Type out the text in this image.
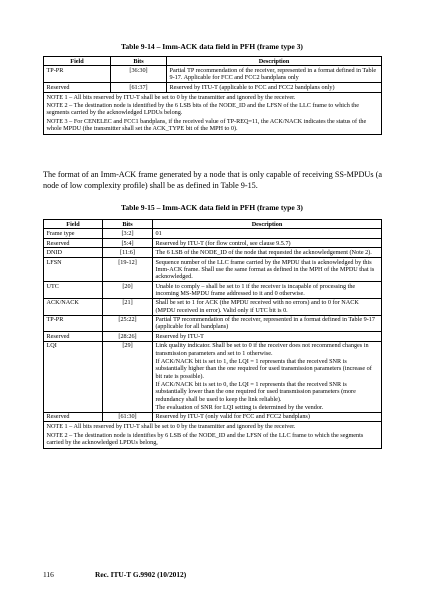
Table 9-14 – Imm-ACK data field in PFH (frame type 3)
Field	Bits	Description
TP-PR	[36:30]	Partial TP recommendation of the receiver, represented in a format defined in Table 9-17. Applicable for FCC and FCC2 bandplans only
Reserved	[61:37]	Reserved by ITU-T (applicable to FCC and FCC2 bandplans only)

NOTE 1 – All bits reserved by ITU-T shall be set to 0 by the transmitter and ignored by the receiver.
NOTE 2 – The destination node is identified by the 6 LSB bits of the NODE_ID and the LFSN of the LLC frame to which the segments carried by the acknowledged LPDUs belong.
NOTE 3 – For CENELEC and FCC1 bandplans, if the received value of TP-REQ=11, the ACK/NACK indicates the status of the whole MPDU (the transmitter shall set the ACK_TYPE bit of the MPH to 0).		
The format of an Imm-ACK frame generated by a node that is only capable of receiving SS-MPDUs (a node of low complexity profile) shall be as defined in Table 9-15.
Table 9-15 – Imm-ACK data field in PFH (frame type 3)
Field	Bits	Description
Frame type	[3:2]	01

Reserved	[5:4]	Reserved by ITU-T (for flow control, see clause 9.5.7)

DNID	[11:6]	The 6 LSB of the NODE_ID of the node that requested the acknowledgement (Note 2).

LFSN	[19-12]	Sequence number of the LLC frame carried by the MPDU that is acknowledged by this Imm-ACK frame. Shall use the same format as defined in the MPH of the MPDU that is acknowledged.

UTC	[20]	Unable to comply – shall be set to 1 if the receiver is incapable of processing the incoming MS-MPDU frame addressed to it and 0 otherwise.

ACK/NACK	[21]	Shall be set to 1 for ACK (the MPDU received with no errors) and to 0 for NACK (MPDU received in error). Valid only if UTC bit is 0.

TP-PR	[25:22]	Partial TP recommendation of the receiver, represented in a format defined in Table 9-17 (applicable for all bandplans)

Reserved	[28:26]	Reserved by ITU-T

LQI	[29]	Link quality indicator. Shall be set to 0 if the receiver does not recommend changes in transmission parameters and set to 1 otherwise.
If ACK/NACK bit is set to 1, the LQI = 1 represents that the received SNR is substantially higher than the one required for used transmission parameters (increase of bit rate is possible).
If ACK/NACK bit is set to 0, the LQI = 1 represents that the received SNR is substantially lower than the one required for used transmission parameters (more redundancy shall be used to keep the link reliable).
The evaluation of SNR for LQI setting is determined by the vendor.

Reserved	[61:30]	Reserved by ITU-T (only valid for FCC and FCC2 bandplans)

NOTE 1 – All bits reserved by ITU-T shall be set to 0 by the transmitter and ignored by the receiver.
NOTE 2 – The destination node is identifies by 6 LSB of the NODE_ID and the LFSN of the LLC frame to which the segments carried by the acknowledged LPDUs belong,		
116	Rec. ITU-T G.9902 (10/2012)
